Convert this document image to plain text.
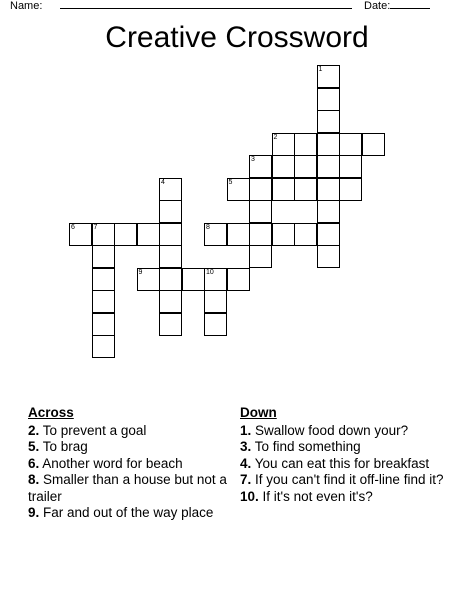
Name:	Date:
Creative Crossword
1
2
3
4	5
6	7	8
9	10
Across
2. To prevent a goal
5. To brag
6. Another word for beach
8. Smaller than a house but not a trailer
9. Far and out of the way place
Down
1. Swallow food down your?
3. To find something
4. You can eat this for breakfast
7. If you can't find it off-line find it?
10. If it's not even it's?
